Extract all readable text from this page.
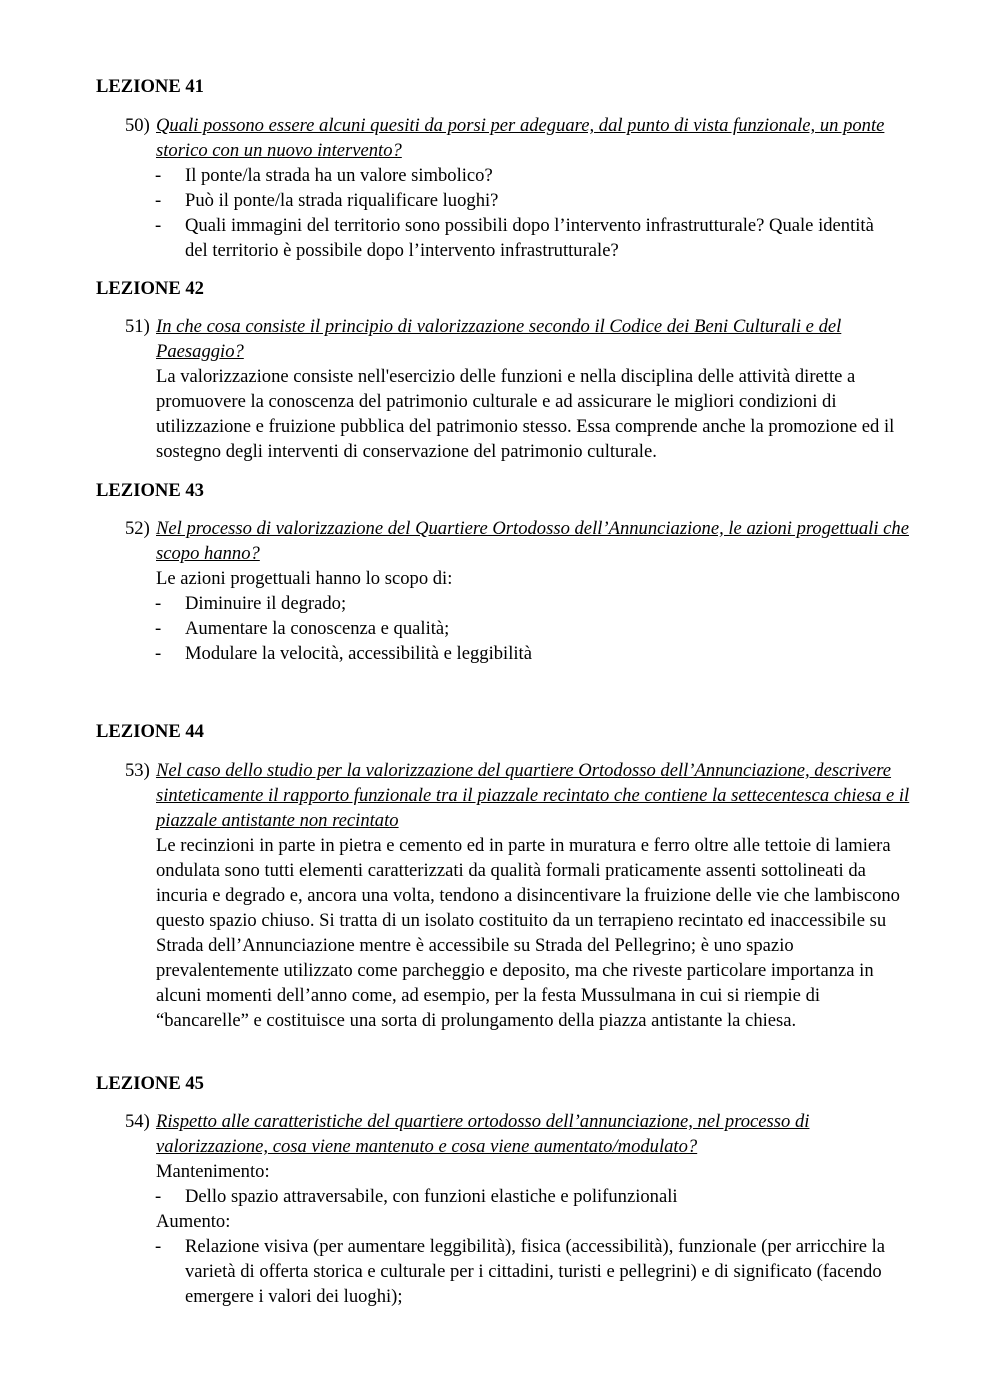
LEZIONE 41
50) Quali possono essere alcuni quesiti da porsi per adeguare, dal punto di vista funzionale, un ponte storico con un nuovo intervento?
- Il ponte/la strada ha un valore simbolico?
- Può il ponte/la strada riqualificare luoghi?
- Quali immagini del territorio sono possibili dopo l’intervento infrastrutturale? Quale identità del territorio è possibile dopo l’intervento infrastrutturale?
LEZIONE 42
51) In che cosa consiste il principio di valorizzazione secondo il Codice dei Beni Culturali e del Paesaggio?
La valorizzazione consiste nell'esercizio delle funzioni e nella disciplina delle attività dirette a promuovere la conoscenza del patrimonio culturale e ad assicurare le migliori condizioni di utilizzazione e fruizione pubblica del patrimonio stesso. Essa comprende anche la promozione ed il sostegno degli interventi di conservazione del patrimonio culturale.
LEZIONE 43
52) Nel processo di valorizzazione del Quartiere Ortodosso dell’Annunciazione, le azioni progettuali che scopo hanno?
Le azioni progettuali hanno lo scopo di:
- Diminuire il degrado;
- Aumentare la conoscenza e qualità;
- Modulare la velocità, accessibilità e leggibilità
LEZIONE 44
53) Nel caso dello studio per la valorizzazione del quartiere Ortodosso dell’Annunciazione, descrivere sinteticamente il rapporto funzionale tra il piazzale recintato che contiene la settecentesca chiesa e il piazzale antistante non recintato
Le recinzioni in parte in pietra e cemento ed in parte in muratura e ferro oltre alle tettoie di lamiera ondulata sono tutti elementi caratterizzati da qualità formali praticamente assenti sottolineati da incuria e degrado e, ancora una volta, tendono a disincentivare la fruizione delle vie che lambiscono questo spazio chiuso. Si tratta di un isolato costituito da un terrapieno recintato ed inaccessibile su Strada dell’Annunciazione mentre è accessibile su Strada del Pellegrino; è uno spazio prevalentemente utilizzato come parcheggio e deposito, ma che riveste particolare importanza in alcuni momenti dell’anno come, ad esempio, per la festa Mussulmana in cui si riempie di “bancarelle” e costituisce una sorta di prolungamento della piazza antistante la chiesa.
LEZIONE 45
54) Rispetto alle caratteristiche del quartiere ortodosso dell’annunciazione, nel processo di valorizzazione, cosa viene mantenuto e cosa viene aumentato/modulato?
Mantenimento:
- Dello spazio attraversabile, con funzioni elastiche e polifunzionali
Aumento:
- Relazione visiva (per aumentare leggibilità), fisica (accessibilità), funzionale (per arricchire la varietà di offerta storica e culturale per i cittadini, turisti e pellegrini) e di significato (facendo emergere i valori dei luoghi);
